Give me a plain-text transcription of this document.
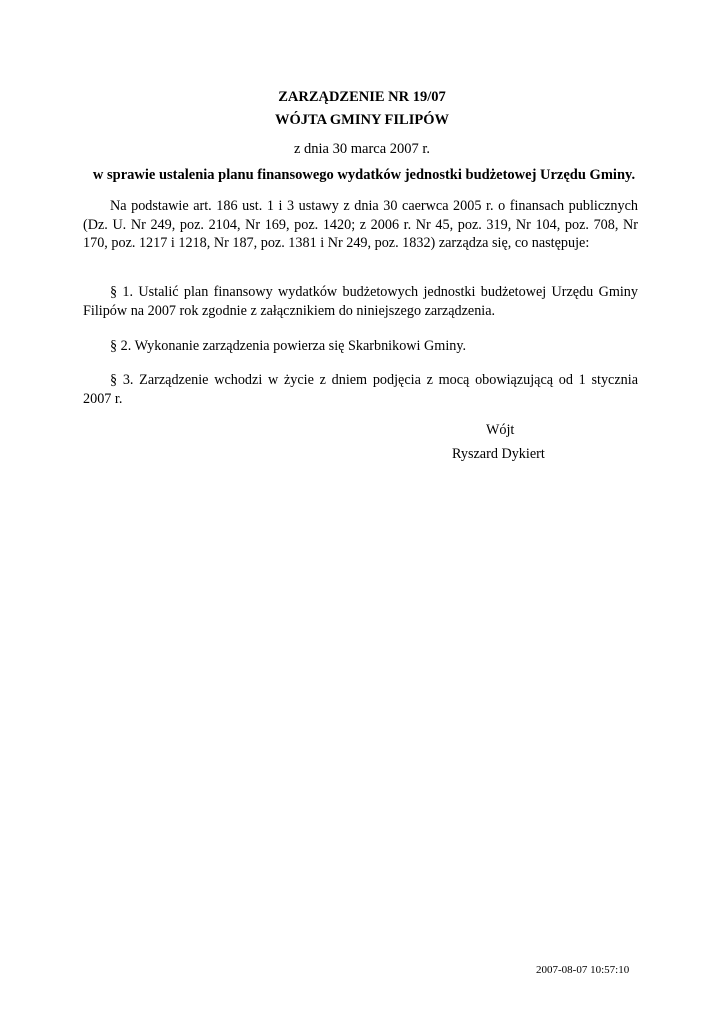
ZARZĄDZENIE NR 19/07
WÓJTA GMINY FILIPÓW
z dnia 30 marca 2007 r.
w sprawie ustalenia planu finansowego wydatków jednostki budżetowej Urzędu Gminy.

Na podstawie art. 186 ust. 1 i 3 ustawy z dnia 30 caerwca 2005 r. o finansach publicznych (Dz. U. Nr 249, poz. 2104, Nr 169, poz. 1420; z 2006 r. Nr 45, poz. 319, Nr 104, poz. 708, Nr 170, poz. 1217 i 1218, Nr 187, poz. 1381 i Nr 249, poz. 1832) zarządza się, co następuje:

§ 1. Ustalić plan finansowy wydatków budżetowych jednostki budżetowej Urzędu Gminy Filipów na 2007 rok zgodnie z załącznikiem do niniejszego zarządzenia.

§ 2. Wykonanie zarządzenia powierza się Skarbnikowi Gminy.

§ 3. Zarządzenie wchodzi w życie z dniem podjęcia z mocą obowiązującą od 1 stycznia 2007 r.

Wójt
Ryszard Dykiert
2007-08-07 10:57:10
